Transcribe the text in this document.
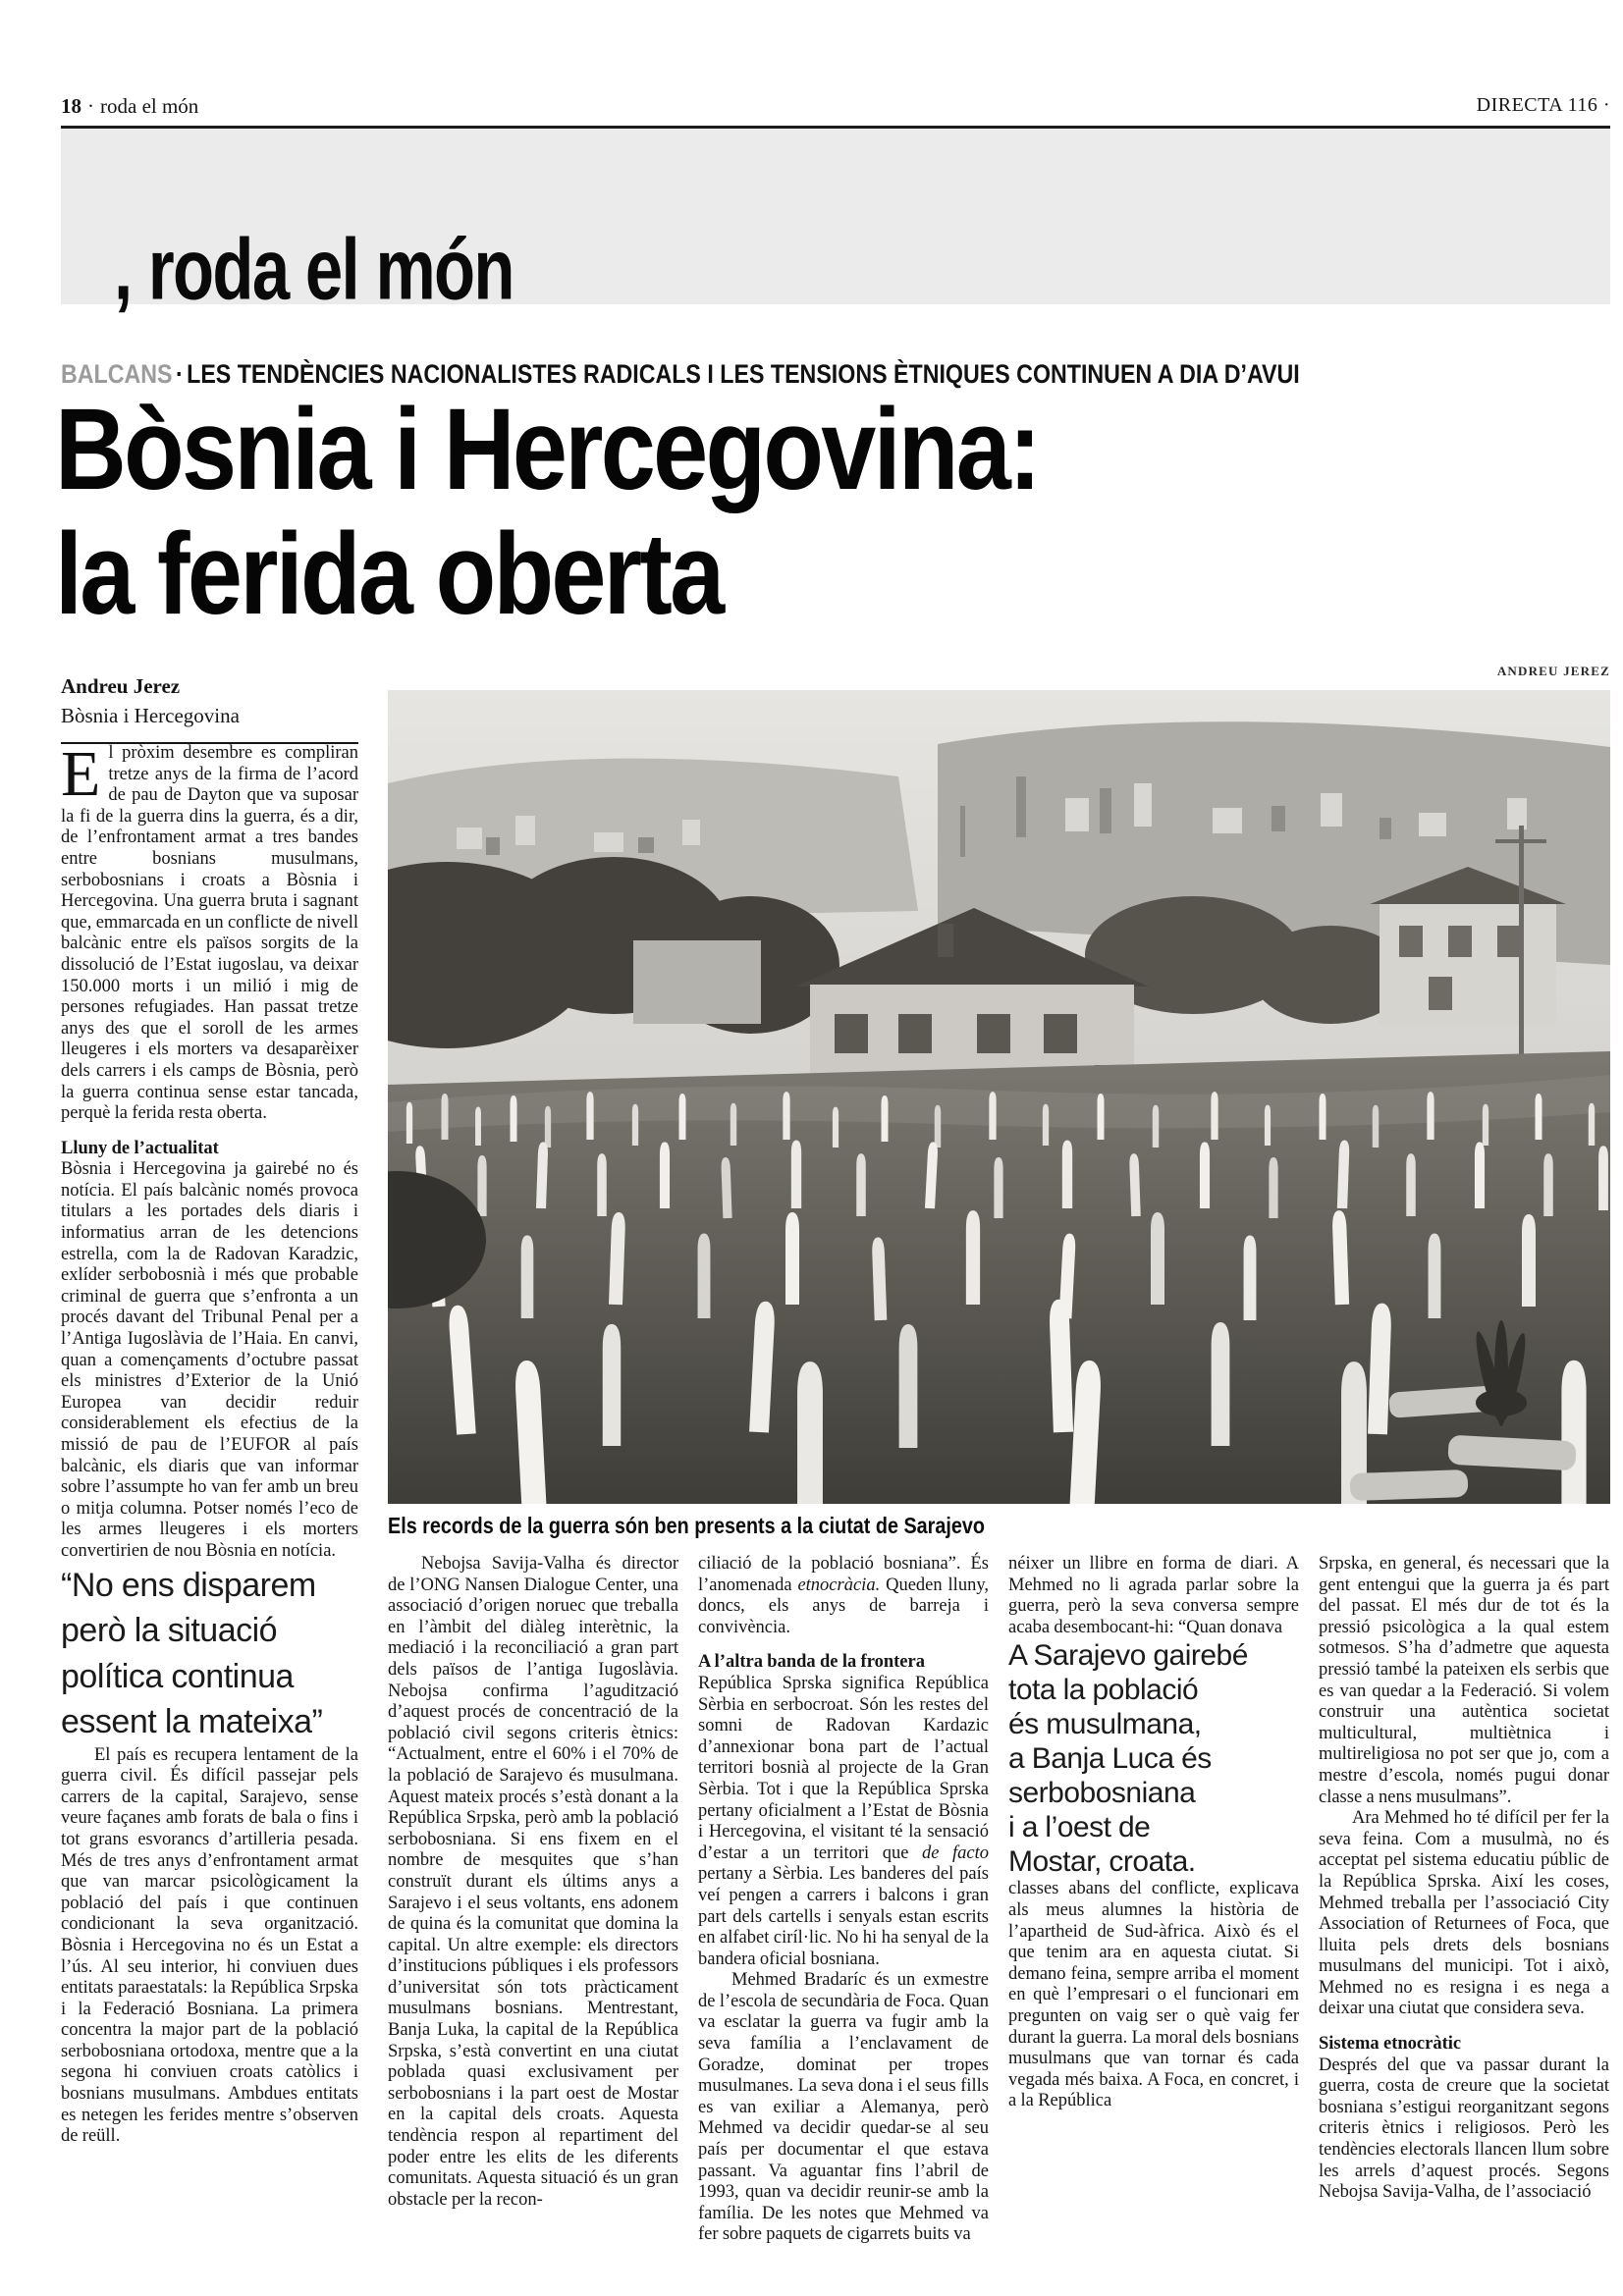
18 · roda el món	DIRECTA 116 ·
, roda el món
BALCANS · LES TENDÈNCIES NACIONALISTES RADICALS I LES TENSIONS ÈTNIQUES CONTINUEN A DIA D’AVUI
Bòsnia i Hercegovina:
la ferida oberta
Andreu Jerez
Bòsnia i Hercegovina
ANDREU JEREZ
Els records de la guerra són ben presents a la ciutat de Sarajevo

El pròxim desembre es compliran tretze anys de la firma de l’acord de pau de Dayton que va suposar la fi de la guerra dins la guerra, és a dir, de l’enfrontament armat a tres bandes entre bosnians musulmans, serbobosnians i croats a Bòsnia i Hercegovina. Una guerra bruta i sagnant que, emmarcada en un conflicte de nivell balcànic entre els països sorgits de la dissolució de l’Estat iugoslau, va deixar 150.000 morts i un milió i mig de persones refugiades. Han passat tretze anys des que el soroll de les armes lleugeres i els morters va desaparèixer dels carrers i els camps de Bòsnia, però la guerra continua sense estar tancada, perquè la ferida resta oberta.

Lluny de l’actualitat

Bòsnia i Hercegovina ja gairebé no és notícia. El país balcànic només provoca titulars a les portades dels diaris i informatius arran de les detencions estrella, com la de Radovan Karadzic, exlíder serbobosnià i més que probable criminal de guerra que s’enfronta a un procés davant del Tribunal Penal per a l’Antiga Iugoslàvia de l’Haia. En canvi, quan a començaments d’octubre passat els ministres d’Exterior de la Unió Europea van decidir reduir considerablement els efectius de la missió de pau de l’EUFOR al país balcànic, els diaris que van informar sobre l’assumpte ho van fer amb un breu o mitja columna. Potser només l’eco de les armes lleugeres i els morters convertirien de nou Bòsnia en notícia.

“No ens disparem
però la situació
política continua
essent la mateixa”

El país es recupera lentament de la guerra civil. És difícil passejar pels carrers de la capital, Sarajevo, sense veure façanes amb forats de bala o fins i tot grans esvorancs d’artilleria pesada. Més de tres anys d’enfrontament armat que van marcar psicològicament la població del país i que continuen condicionant la seva organització. Bòsnia i Hercegovina no és un Estat a l’ús. Al seu interior, hi conviuen dues entitats paraestatals: la República Srpska i la Federació Bosniana. La primera concentra la major part de la població serbobosniana ortodoxa, mentre que a la segona hi conviuen croats catòlics i bosnians musulmans. Ambdues entitats es netegen les ferides mentre s’observen de reüll.

Nebojsa Savija-Valha és director de l’ONG Nansen Dialogue Center, una associació d’origen noruec que treballa en l’àmbit del diàleg interètnic, la mediació i la reconciliació a gran part dels països de l’antiga Iugoslàvia. Nebojsa confirma l’agudització d’aquest procés de concentració de la població civil segons criteris ètnics: “Actualment, entre el 60% i el 70% de la població de Sarajevo és musulmana. Aquest mateix procés s’està donant a la República Srpska, però amb la població serbobosniana. Si ens fixem en el nombre de mesquites que s’han construït durant els últims anys a Sarajevo i el seus voltants, ens adonem de quina és la comunitat que domina la capital. Un altre exemple: els directors d’institucions públiques i els professors d’universitat són tots pràcticament musulmans bosnians. Mentrestant, Banja Luka, la capital de la República Srpska, s’està convertint en una ciutat poblada quasi exclusivament per serbobosnians i la part oest de Mostar en la capital dels croats. Aquesta tendència respon al repartiment del poder entre les elits de les diferents comunitats. Aquesta situació és un gran obstacle per la recon-

ciliació de la població bosniana”. És l’anomenada etnocràcia. Queden lluny, doncs, els anys de barreja i convivència.

A l’altra banda de la frontera

República Sprska significa República Sèrbia en serbocroat. Són les restes del somni de Radovan Kardazic d’annexionar bona part de l’actual territori bosnià al projecte de la Gran Sèrbia. Tot i que la República Sprska pertany oficialment a l’Estat de Bòsnia i Hercegovina, el visitant té la sensació d’estar a un territori que de facto pertany a Sèrbia. Les banderes del país veí pengen a carrers i balcons i gran part dels cartells i senyals estan escrits en alfabet ciríl·lic. No hi ha senyal de la bandera oficial bosniana.

Mehmed Bradaríc és un exmestre de l’escola de secundària de Foca. Quan va esclatar la guerra va fugir amb la seva família a l’enclavament de Goradze, dominat per tropes musulmanes. La seva dona i el seus fills es van exiliar a Alemanya, però Mehmed va decidir quedar-se al seu país per documentar el que estava passant. Va aguantar fins l’abril de 1993, quan va decidir reunir-se amb la família. De les notes que Mehmed va fer sobre paquets de cigarrets buits va

néixer un llibre en forma de diari. A Mehmed no li agrada parlar sobre la guerra, però la seva conversa sempre acaba desembocant-hi: “Quan donava

A Sarajevo gairebé
tota la població
és musulmana,
a Banja Luca és
serbobosniana
i a l’oest de
Mostar, croata.

classes abans del conflicte, explicava als meus alumnes la història de l’apartheid de Sud-àfrica. Això és el que tenim ara en aquesta ciutat. Si demano feina, sempre arriba el moment en què l’empresari o el funcionari em pregunten on vaig ser o què vaig fer durant la guerra. La moral dels bosnians musulmans que van tornar és cada vegada més baixa. A Foca, en concret, i a la República

Srpska, en general, és necessari que la gent entengui que la guerra ja és part del passat. El més dur de tot és la pressió psicològica a la qual estem sotmesos. S’ha d’admetre que aquesta pressió també la pateixen els serbis que es van quedar a la Federació. Si volem construir una autèntica societat multicultural, multiètnica i multireligiosa no pot ser que jo, com a mestre d’escola, només pugui donar classe a nens musulmans”.

Ara Mehmed ho té difícil per fer la seva feina. Com a musulmà, no és acceptat pel sistema educatiu públic de la República Sprska. Així les coses, Mehmed treballa per l’associació City Association of Returnees of Foca, que lluita pels drets dels bosnians musulmans del municipi. Tot i això, Mehmed no es resigna i es nega a deixar una ciutat que considera seva.

Sistema etnocràtic

Després del que va passar durant la guerra, costa de creure que la societat bosniana s’estigui reorganitzant segons criteris ètnics i religiosos. Però les tendències electorals llancen llum sobre les arrels d’aquest procés. Segons Nebojsa Savija-Valha, de l’associació
